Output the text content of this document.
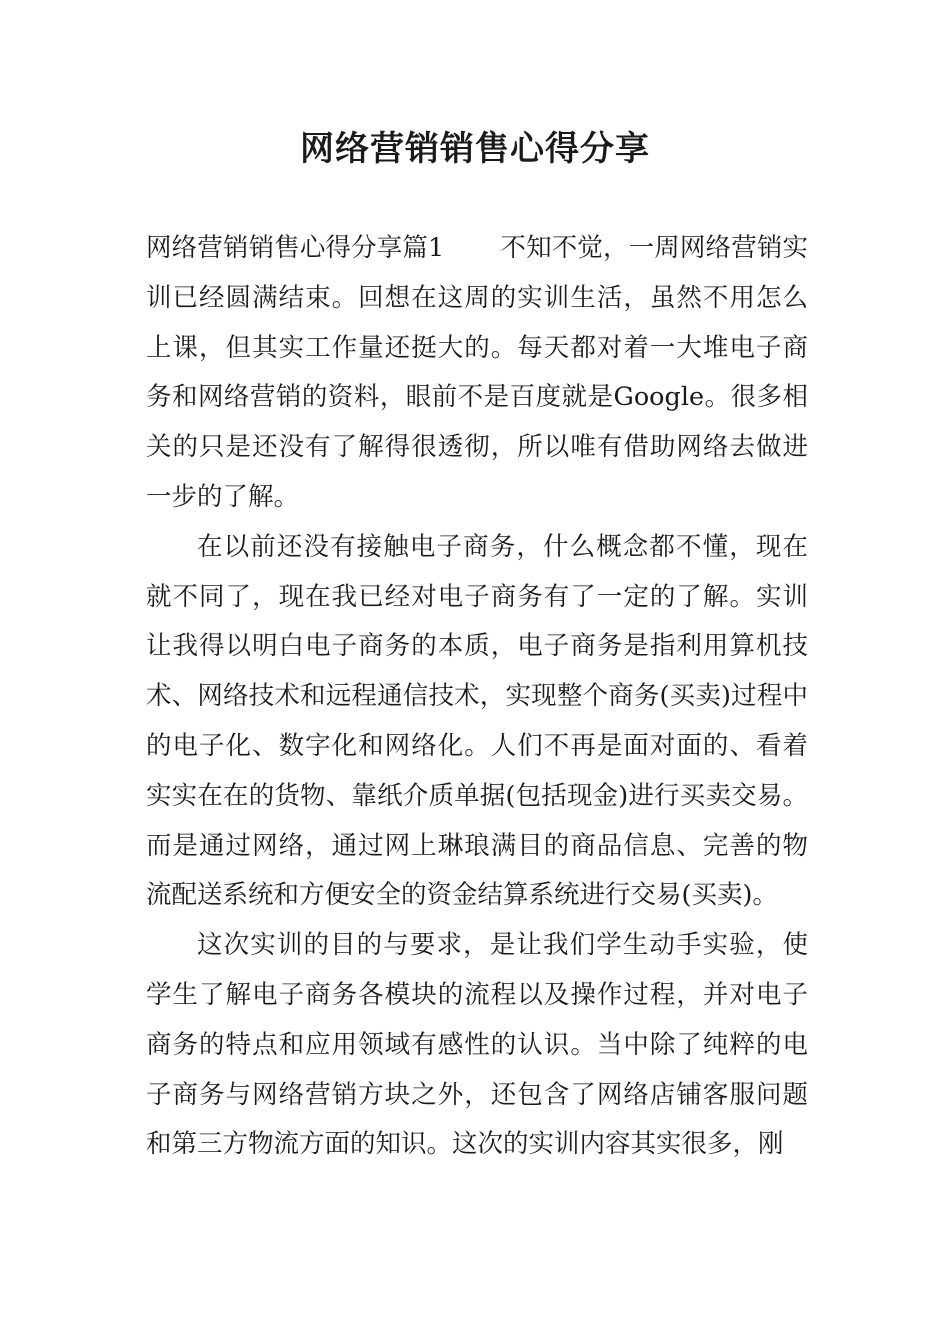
网络营销销售心得分享

网络营销销售心得分享篇1 不知不觉，一周网络营销实训已经圆满结束。回想在这周的实训生活，虽然不用怎么上课，但其实工作量还挺大的。每天都对着一大堆电子商务和网络营销的资料，眼前不是百度就是Google。很多相关的只是还没有了解得很透彻，所以唯有借助网络去做进一步的了解。

在以前还没有接触电子商务，什么概念都不懂，现在就不同了，现在我已经对电子商务有了一定的了解。实训让我得以明白电子商务的本质，电子商务是指利用算机技术、网络技术和远程通信技术，实现整个商务(买卖)过程中的电子化、数字化和网络化。人们不再是面对面的、看着实实在在的货物、靠纸介质单据(包括现金)进行买卖交易。而是通过网络，通过网上琳琅满目的商品信息、完善的物流配送系统和方便安全的资金结算系统进行交易(买卖)。

这次实训的目的与要求，是让我们学生动手实验，使学生了解电子商务各模块的流程以及操作过程，并对电子商务的特点和应用领域有感性的认识。当中除了纯粹的电子商务与网络营销方块之外，还包含了网络店铺客服问题和第三方物流方面的知识。这次的实训内容其实很多，刚
